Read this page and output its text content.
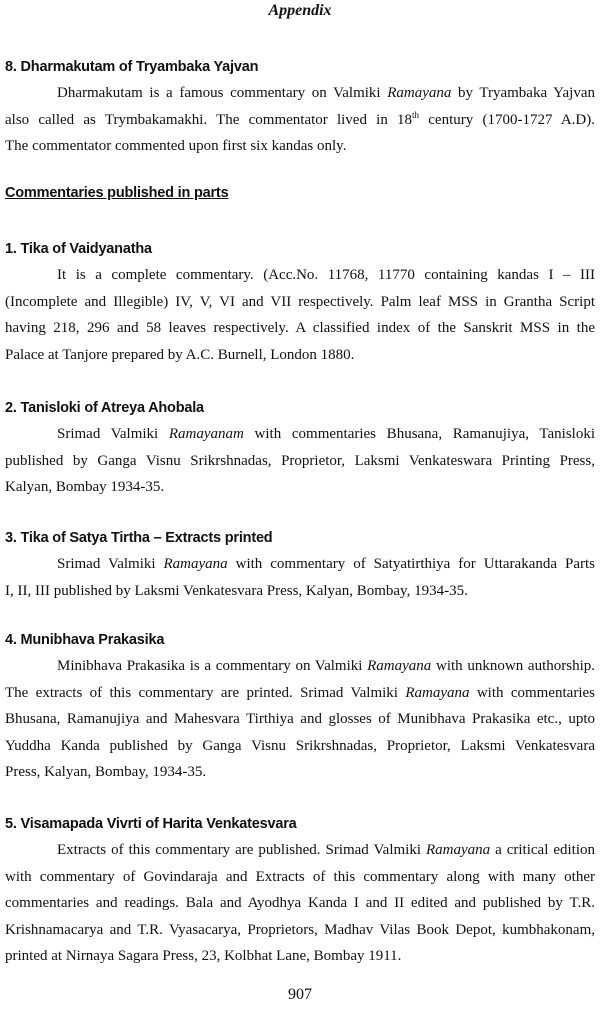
Appendix
8. Dharmakutam of Tryambaka Yajvan

Dharmakutam is a famous commentary on Valmiki Ramayana by Tryambaka Yajvan
also called as Trymbakamakhi. The commentator lived in 18th century (1700-1727 A.D).
The commentator commented upon first six kandas only.

Commentaries published in parts
1. Tika of Vaidyanatha

It is a complete commentary. (Acc.No. 11768, 11770 containing kandas I – III
(Incomplete and Illegible) IV, V, VI and VII respectively. Palm leaf MSS in Grantha Script
having 218, 296 and 58 leaves respectively. A classified index of the Sanskrit MSS in the
Palace at Tanjore prepared by A.C. Burnell, London 1880.

2. Tanisloki of Atreya Ahobala

Srimad Valmiki Ramayanam with commentaries Bhusana, Ramanujiya, Tanisloki
published by Ganga Visnu Srikrshnadas, Proprietor, Laksmi Venkateswara Printing Press,
Kalyan, Bombay 1934-35.

3. Tika of Satya Tirtha – Extracts printed

Srimad Valmiki Ramayana with commentary of Satyatirthiya for Uttarakanda Parts
I, II, III published by Laksmi Venkatesvara Press, Kalyan, Bombay, 1934-35.

4. Munibhava Prakasika

Minibhava Prakasika is a commentary on Valmiki Ramayana with unknown authorship.
The extracts of this commentary are printed. Srimad Valmiki Ramayana with commentaries
Bhusana, Ramanujiya and Mahesvara Tirthiya and glosses of Munibhava Prakasika etc., upto
Yuddha Kanda published by Ganga Visnu Srikrshnadas, Proprietor, Laksmi Venkatesvara
Press, Kalyan, Bombay, 1934-35.

5. Visamapada Vivrti of Harita Venkatesvara

Extracts of this commentary are published. Srimad Valmiki Ramayana a critical edition
with commentary of Govindaraja and Extracts of this commentary along with many other
commentaries and readings. Bala and Ayodhya Kanda I and II edited and published by T.R.
Krishnamacarya and T.R. Vyasacarya, Proprietors, Madhav Vilas Book Depot, kumbhakonam,
printed at Nirnaya Sagara Press, 23, Kolbhat Lane, Bombay 1911.

907
